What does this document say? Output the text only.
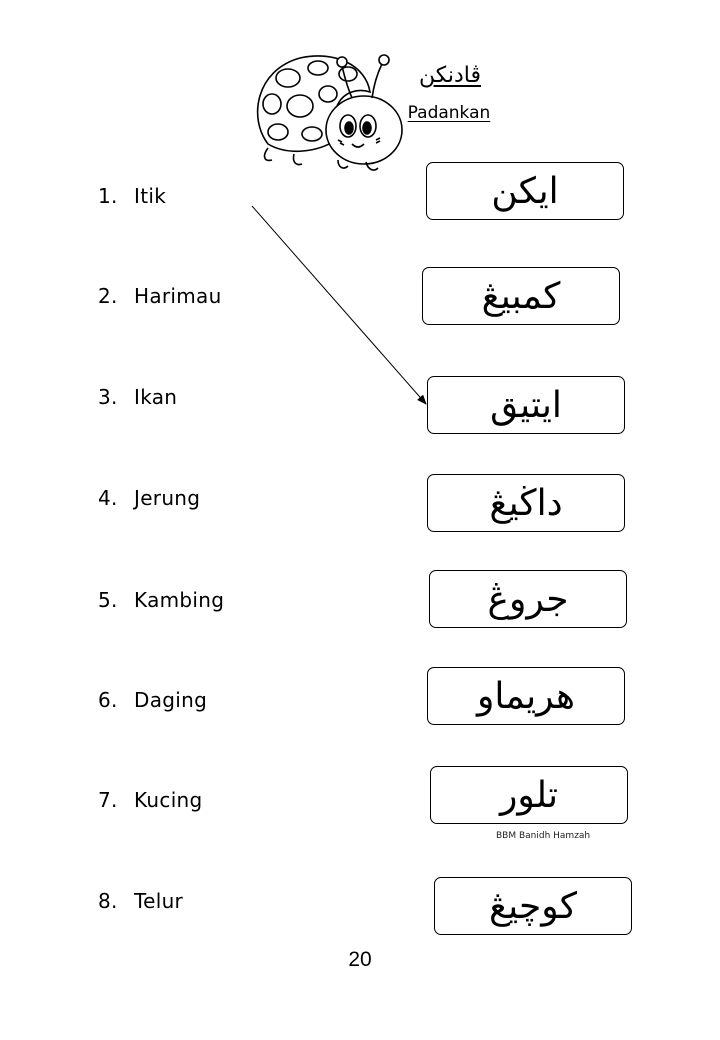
ڤادنكن
Padankan
1. Itik
2. Harimau
3. Ikan
4. Jerung
5. Kambing
6. Daging
7. Kucing
8. Telur
ايكن
كمبيڠ
ايتيق
داڬيڠ
جروڠ
هريماو
تلور
كوچيڠ
BBM Banidh Hamzah
20
